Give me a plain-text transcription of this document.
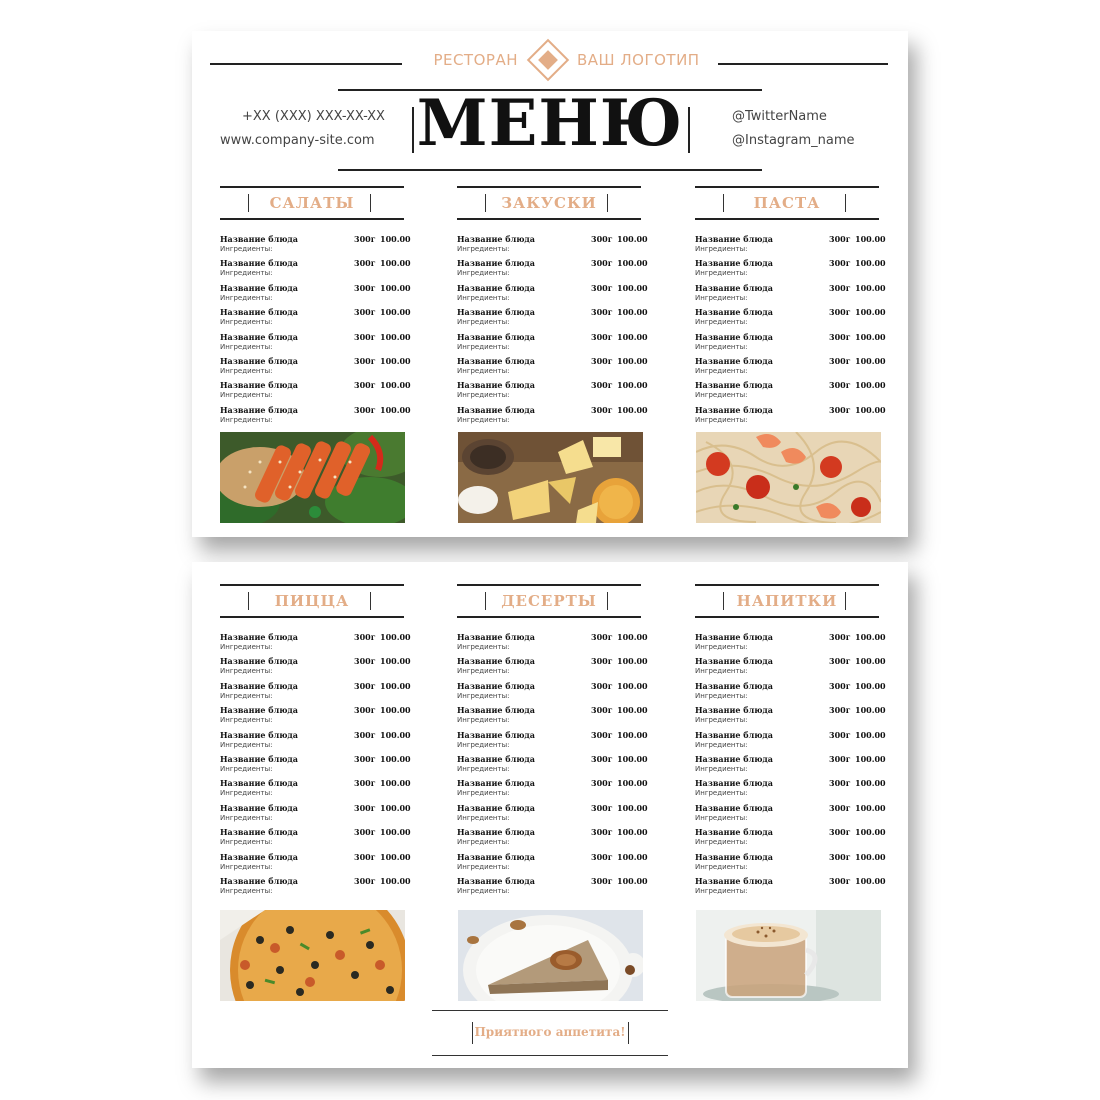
РЕСТОРАН	ВАШ ЛОГОТИП
МЕНЮ
+XX (XXX) XXX-XX-XX
www.company-site.com
@TwitterName
@Instagram_name
САЛАТЫ
Название блюда	300г 100.00
Ингредиенты:
Название блюда	300г 100.00
Ингредиенты:
Название блюда	300г 100.00
Ингредиенты:
Название блюда	300г 100.00
Ингредиенты:
Название блюда	300г 100.00
Ингредиенты:
Название блюда	300г 100.00
Ингредиенты:
Название блюда	300г 100.00
Ингредиенты:
Название блюда	300г 100.00
Ингредиенты:
ЗАКУСКИ
Название блюда	300г 100.00
Ингредиенты:
Название блюда	300г 100.00
Ингредиенты:
Название блюда	300г 100.00
Ингредиенты:
Название блюда	300г 100.00
Ингредиенты:
Название блюда	300г 100.00
Ингредиенты:
Название блюда	300г 100.00
Ингредиенты:
Название блюда	300г 100.00
Ингредиенты:
Название блюда	300г 100.00
Ингредиенты:
ПАСТА
Название блюда	300г 100.00
Ингредиенты:
Название блюда	300г 100.00
Ингредиенты:
Название блюда	300г 100.00
Ингредиенты:
Название блюда	300г 100.00
Ингредиенты:
Название блюда	300г 100.00
Ингредиенты:
Название блюда	300г 100.00
Ингредиенты:
Название блюда	300г 100.00
Ингредиенты:
Название блюда	300г 100.00
Ингредиенты:
ПИЦЦА
Название блюда	300г 100.00
Ингредиенты:
Название блюда	300г 100.00
Ингредиенты:
Название блюда	300г 100.00
Ингредиенты:
Название блюда	300г 100.00
Ингредиенты:
Название блюда	300г 100.00
Ингредиенты:
Название блюда	300г 100.00
Ингредиенты:
Название блюда	300г 100.00
Ингредиенты:
Название блюда	300г 100.00
Ингредиенты:
Название блюда	300г 100.00
Ингредиенты:
Название блюда	300г 100.00
Ингредиенты:
Название блюда	300г 100.00
Ингредиенты:
ДЕСЕРТЫ
Название блюда	300г 100.00
Ингредиенты:
Название блюда	300г 100.00
Ингредиенты:
Название блюда	300г 100.00
Ингредиенты:
Название блюда	300г 100.00
Ингредиенты:
Название блюда	300г 100.00
Ингредиенты:
Название блюда	300г 100.00
Ингредиенты:
Название блюда	300г 100.00
Ингредиенты:
Название блюда	300г 100.00
Ингредиенты:
Название блюда	300г 100.00
Ингредиенты:
Название блюда	300г 100.00
Ингредиенты:
Название блюда	300г 100.00
Ингредиенты:
НАПИТКИ
Название блюда	300г 100.00
Ингредиенты:
Название блюда	300г 100.00
Ингредиенты:
Название блюда	300г 100.00
Ингредиенты:
Название блюда	300г 100.00
Ингредиенты:
Название блюда	300г 100.00
Ингредиенты:
Название блюда	300г 100.00
Ингредиенты:
Название блюда	300г 100.00
Ингредиенты:
Название блюда	300г 100.00
Ингредиенты:
Название блюда	300г 100.00
Ингредиенты:
Название блюда	300г 100.00
Ингредиенты:
Название блюда	300г 100.00
Ингредиенты:
Приятного аппетита!
